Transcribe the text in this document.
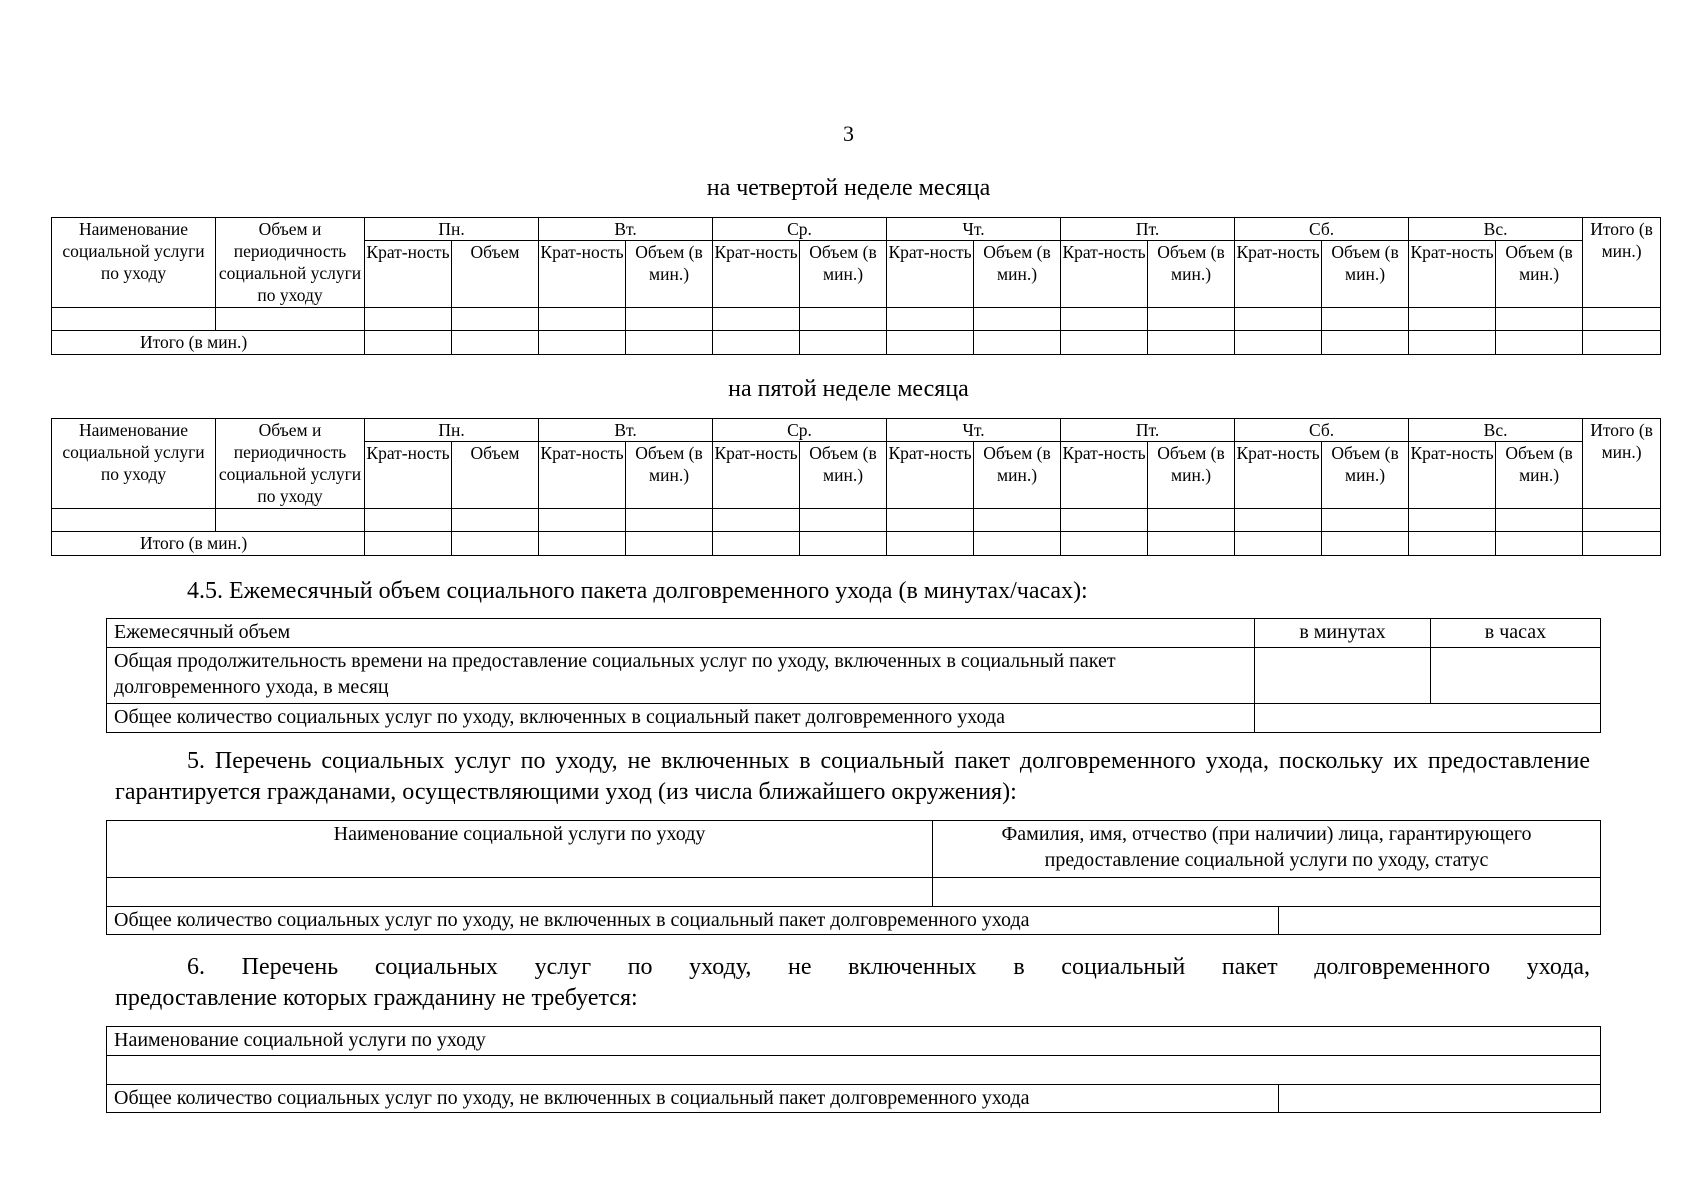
3
на четвертой неделе месяца
Наименование социальной услуги по уходу	Объем и периодичность социальной услуги по уходу	Пн.		Вт.		Ср.		Чт.		Пт.		Сб.		Вс.		Итого (в мин.)
		Крат-ность	Объем	Крат-ность	Объем (в мин.)	Крат-ность	Объем (в мин.)	Крат-ность	Объем (в мин.)	Крат-ность	Объем (в мин.)	Крат-ность	Объем (в мин.)	Крат-ность	Объем (в мин.)	

Итого (в мин.)																
на пятой неделе месяца
Наименование социальной услуги по уходу	Объем и периодичность социальной услуги по уходу	Пн.		Вт.		Ср.		Чт.		Пт.		Сб.		Вс.		Итого (в мин.)
		Крат-ность	Объем	Крат-ность	Объем (в мин.)	Крат-ность	Объем (в мин.)	Крат-ность	Объем (в мин.)	Крат-ность	Объем (в мин.)	Крат-ность	Объем (в мин.)	Крат-ность	Объем (в мин.)	

Итого (в мин.)																

4.5. Ежемесячный объем социального пакета долговременного ухода (в минутах/часах):

Ежемесячный объем	в минутах	в часах
Общая продолжительность времени на предоставление социальных услуг по уходу, включенных в социальный пакет долговременного ухода, в месяц		
Общее количество социальных услуг по уходу, включенных в социальный пакет долговременного ухода		

5. Перечень социальных услуг по уходу, не включенных в социальный пакет долговременного ухода, поскольку их предоставление гарантируется гражданами, осуществляющими уход (из числа ближайшего окружения):

Наименование социальной услуги по уходу	Фамилия, имя, отчество (при наличии) лица, гарантирующего предоставление социальной услуги по уходу, статус	

Общее количество социальных услуг по уходу, не включенных в социальный пакет долговременного ухода		

6. Перечень социальных услуг по уходу, не включенных в социальный пакет долговременного ухода,

предоставление которых гражданину не требуется:

Наименование социальной услуги по уходу

Общее количество социальных услуг по уходу, не включенных в социальный пакет долговременного ухода	
